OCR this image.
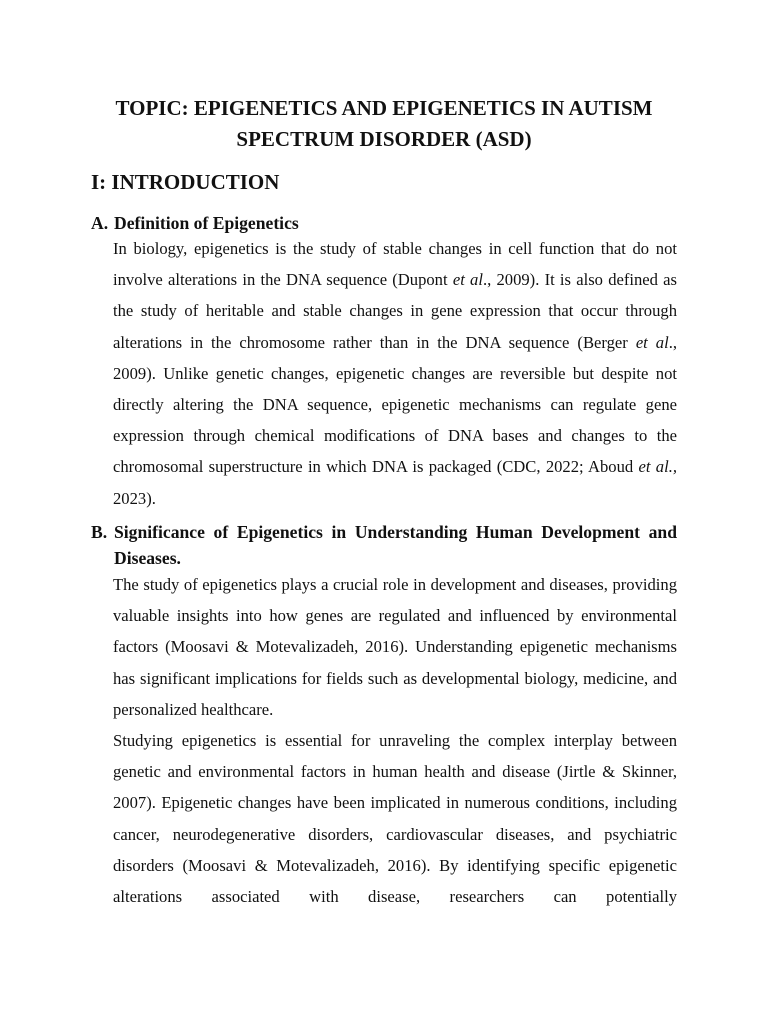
TOPIC: EPIGENETICS AND EPIGENETICS IN AUTISM SPECTRUM DISORDER (ASD)
I: INTRODUCTION
A. Definition of Epigenetics
In biology, epigenetics is the study of stable changes in cell function that do not involve alterations in the DNA sequence (Dupont et al., 2009). It is also defined as the study of heritable and stable changes in gene expression that occur through alterations in the chromosome rather than in the DNA sequence (Berger et al., 2009). Unlike genetic changes, epigenetic changes are reversible but despite not directly altering the DNA sequence, epigenetic mechanisms can regulate gene expression through chemical modifications of DNA bases and changes to the chromosomal superstructure in which DNA is packaged (CDC, 2022; Aboud et al., 2023).
B. Significance of Epigenetics in Understanding Human Development and Diseases.
The study of epigenetics plays a crucial role in development and diseases, providing valuable insights into how genes are regulated and influenced by environmental factors (Moosavi & Motevalizadeh, 2016). Understanding epigenetic mechanisms has significant implications for fields such as developmental biology, medicine, and personalized healthcare.
Studying epigenetics is essential for unraveling the complex interplay between genetic and environmental factors in human health and disease (Jirtle & Skinner, 2007). Epigenetic changes have been implicated in numerous conditions, including cancer, neurodegenerative disorders, cardiovascular diseases, and psychiatric disorders (Moosavi & Motevalizadeh, 2016). By identifying specific epigenetic alterations associated with disease, researchers can potentially
